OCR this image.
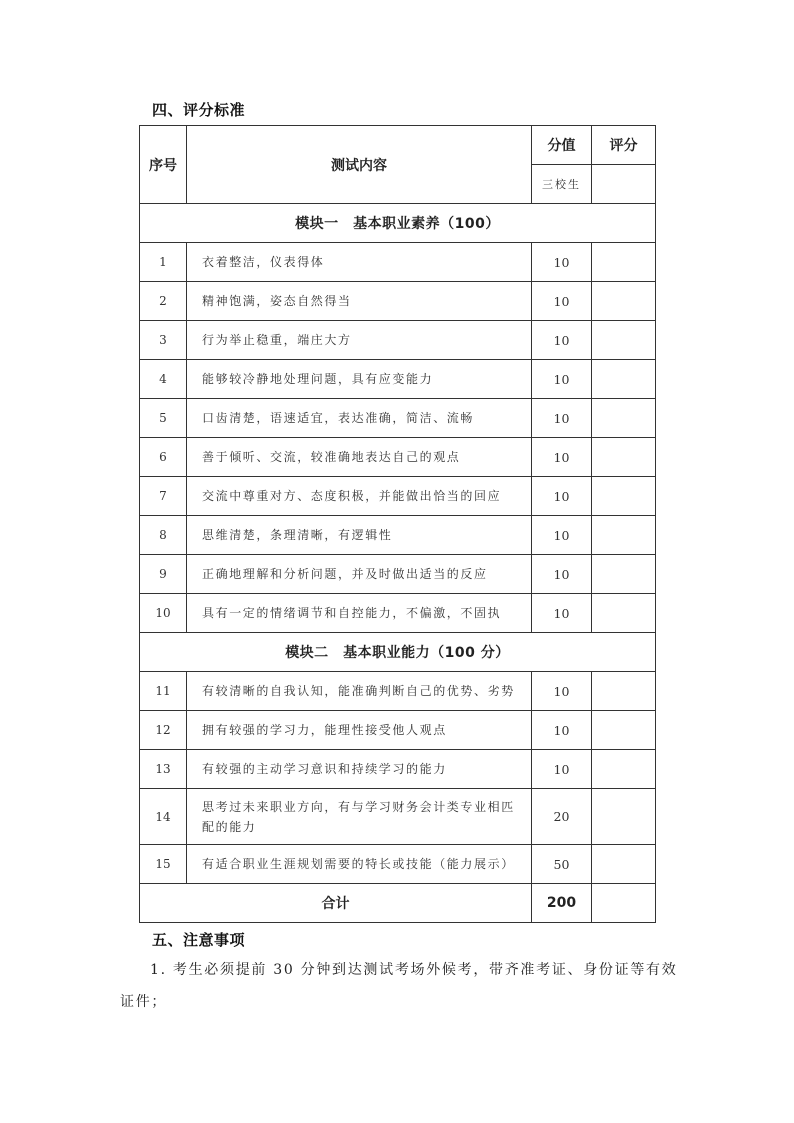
四、评分标准
序号	测试内容	分值	评分
		三校生	
模块一　基本职业素养（100）			
1	衣着整洁，仪表得体	10	
2	精神饱满，姿态自然得当	10	
3	行为举止稳重，端庄大方	10	
4	能够较冷静地处理问题，具有应变能力	10	
5	口齿清楚，语速适宜，表达准确，简洁、流畅	10	
6	善于倾听、交流，较准确地表达自己的观点	10	
7	交流中尊重对方、态度积极，并能做出恰当的回应	10	
8	思维清楚，条理清晰，有逻辑性	10	
9	正确地理解和分析问题，并及时做出适当的反应	10	
10	具有一定的情绪调节和自控能力，不偏激，不固执	10	
模块二　基本职业能力（100 分）			
11	有较清晰的自我认知，能准确判断自己的优势、劣势	10	
12	拥有较强的学习力，能理性接受他人观点	10	
13	有较强的主动学习意识和持续学习的能力	10	
14	思考过未来职业方向，有与学习财务会计类专业相匹配的能力	20	
15	有适合职业生涯规划需要的特长或技能（能力展示）	50	
合计		200	
五、注意事项
1. 考生必须提前 30 分钟到达测试考场外候考，带齐准考证、身份证等有效证件；
